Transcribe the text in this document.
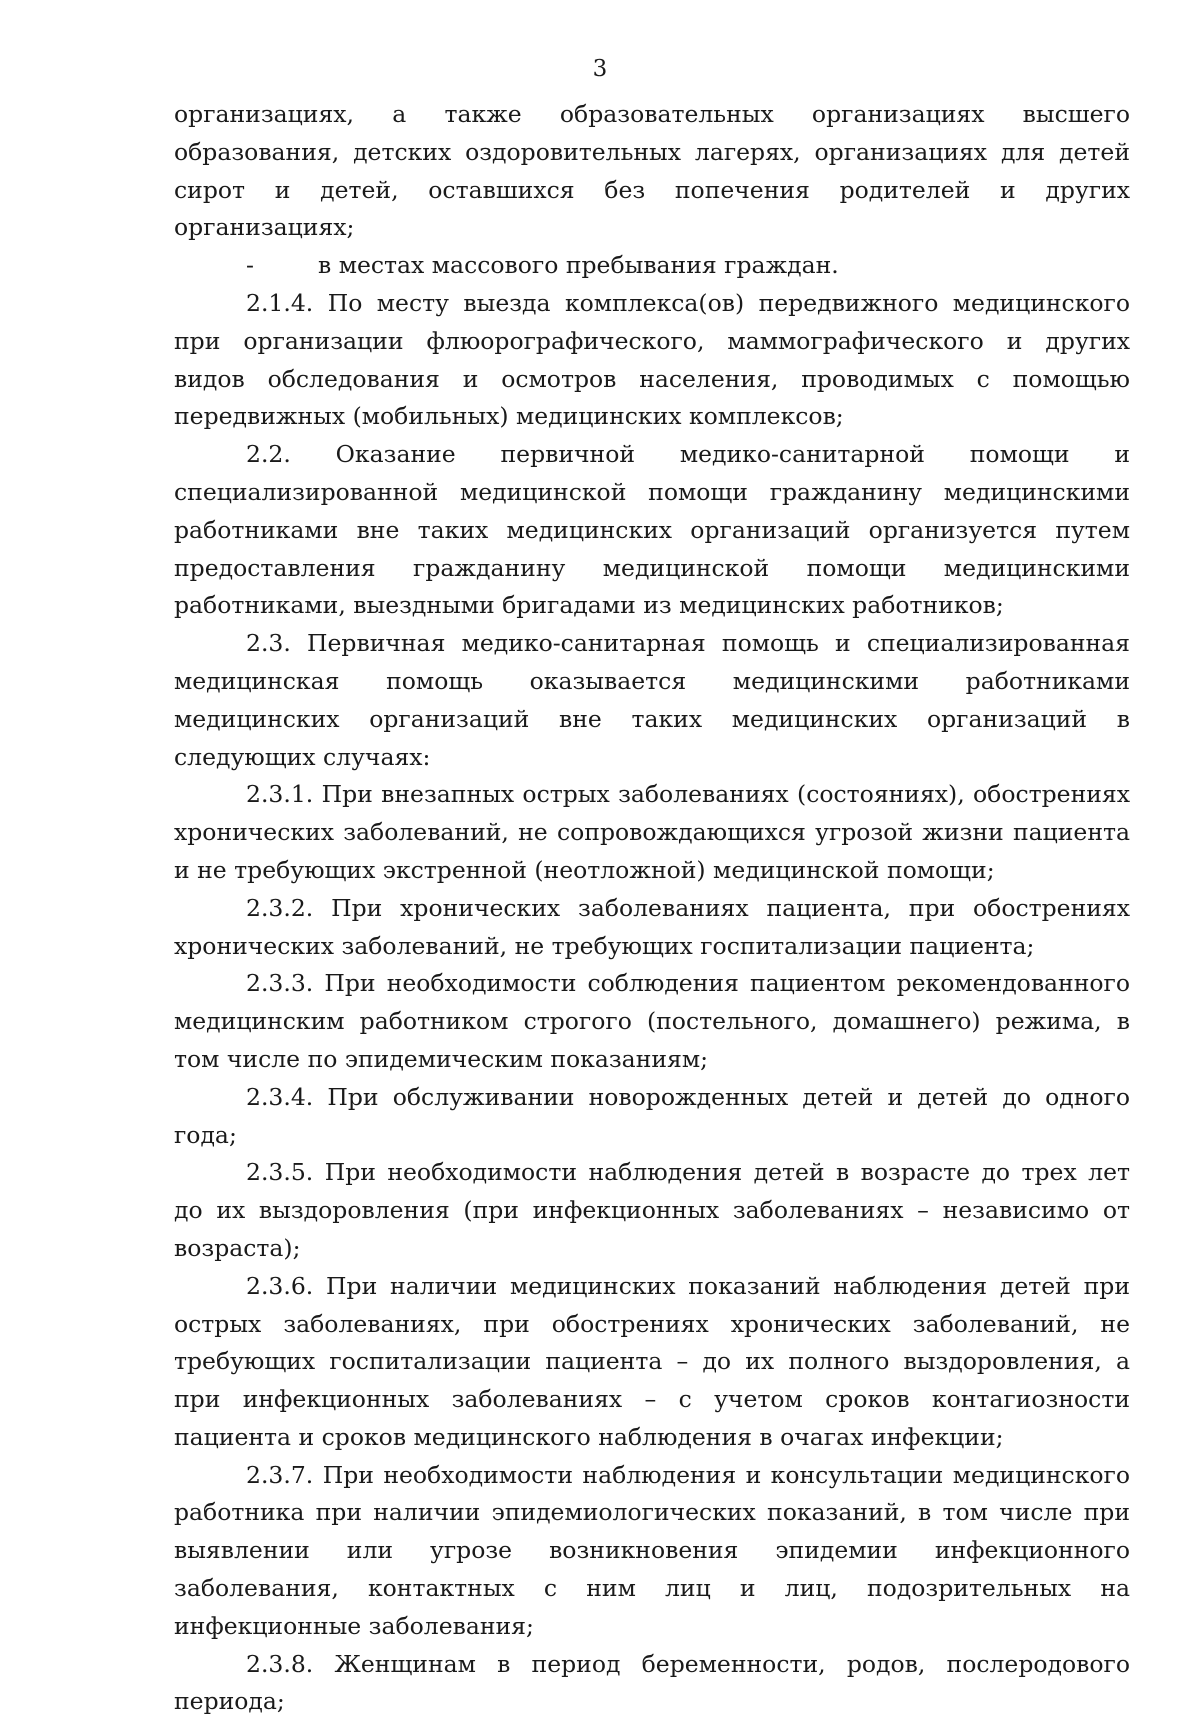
3

организациях, а также образовательных организациях высшего образования, детских оздоровительных лагерях, организациях для детей сирот и детей, оставшихся без попечения родителей и других организациях;

-	в местах массового пребывания граждан.

2.1.4. По месту выезда комплекса(ов) передвижного медицинского при организации флюорографического, маммографического и других видов обследования и осмотров населения, проводимых с помощью передвижных (мобильных) медицинских комплексов;

2.2. Оказание первичной медико-санитарной помощи и специализированной медицинской помощи гражданину медицинскими работниками вне таких медицинских организаций организуется путем предоставления гражданину медицинской помощи медицинскими работниками, выездными бригадами из медицинских работников;

2.3. Первичная медико-санитарная помощь и специализированная медицинская помощь оказывается медицинскими работниками медицинских организаций вне таких медицинских организаций в следующих случаях:

2.3.1. При внезапных острых заболеваниях (состояниях), обострениях хронических заболеваний, не сопровождающихся угрозой жизни пациента и не требующих экстренной (неотложной) медицинской помощи;

2.3.2. При хронических заболеваниях пациента, при обострениях хронических заболеваний, не требующих госпитализации пациента;

2.3.3. При необходимости соблюдения пациентом рекомендованного медицинским работником строгого (постельного, домашнего) режима, в том числе по эпидемическим показаниям;

2.3.4. При обслуживании новорожденных детей и детей до одного года;

2.3.5. При необходимости наблюдения детей в возрасте до трех лет до их выздоровления (при инфекционных заболеваниях – независимо от возраста);

2.3.6. При наличии медицинских показаний наблюдения детей при острых заболеваниях, при обострениях хронических заболеваний, не требующих госпитализации пациента – до их полного выздоровления, а при инфекционных заболеваниях – с учетом сроков контагиозности пациента и сроков медицинского наблюдения в очагах инфекции;

2.3.7. При необходимости наблюдения и консультации медицинского работника при наличии эпидемиологических показаний, в том числе при выявлении или угрозе возникновения эпидемии инфекционного заболевания, контактных с ним лиц и лиц, подозрительных на инфекционные заболевания;

2.3.8. Женщинам в период беременности, родов, послеродового периода;
